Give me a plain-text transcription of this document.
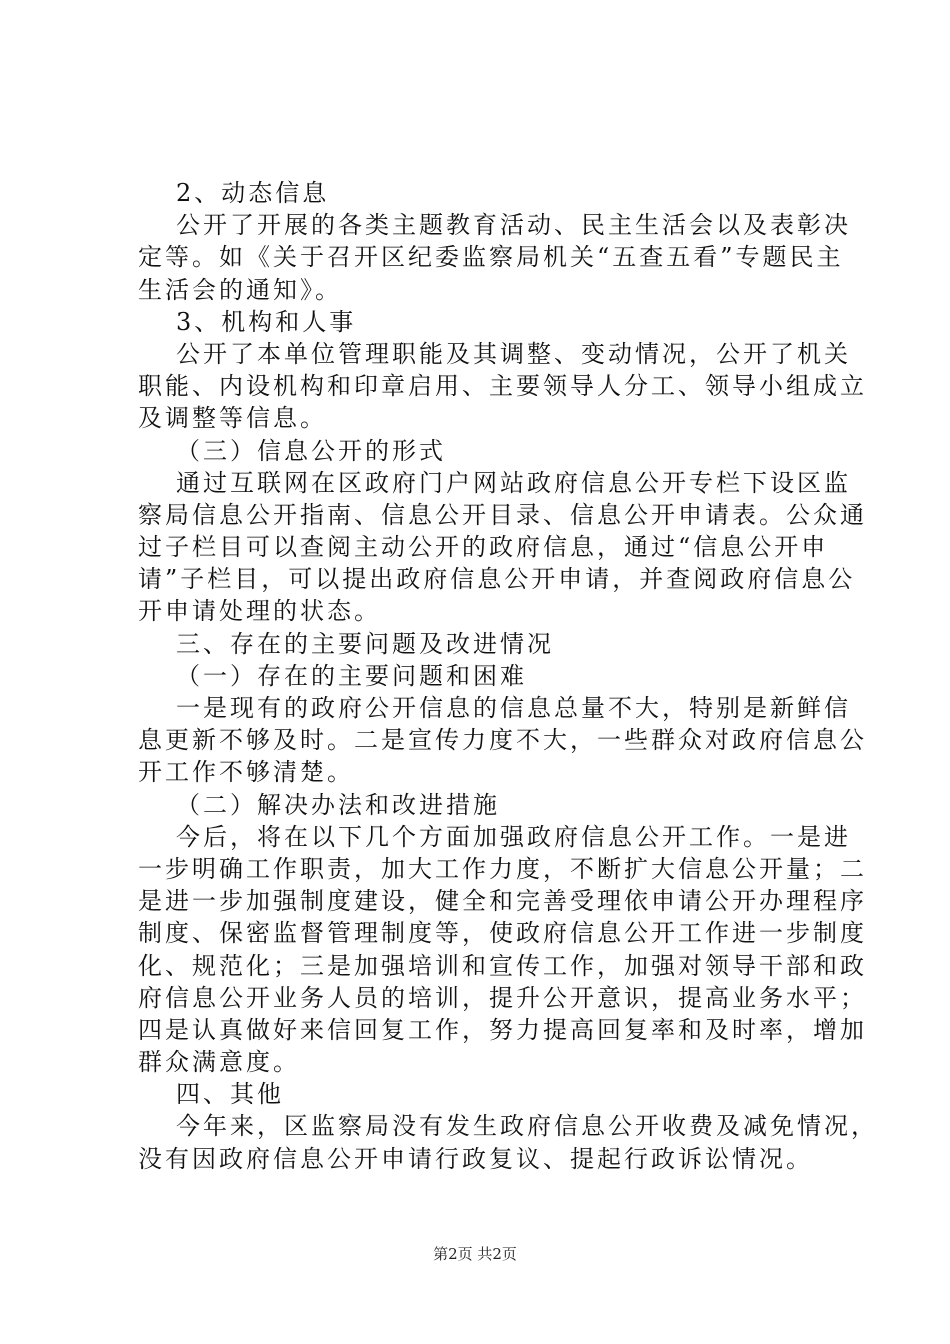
2、动态信息
公开了开展的各类主题教育活动、民主生活会以及表彰决
定等。如《关于召开区纪委监察局机关“五查五看”专题民主
生活会的通知》。
3、机构和人事
公开了本单位管理职能及其调整、变动情况，公开了机关
职能、内设机构和印章启用、主要领导人分工、领导小组成立
及调整等信息。
（三）信息公开的形式
通过互联网在区政府门户网站政府信息公开专栏下设区监
察局信息公开指南、信息公开目录、信息公开申请表。公众通
过子栏目可以查阅主动公开的政府信息，通过“信息公开申
请”子栏目，可以提出政府信息公开申请，并查阅政府信息公
开申请处理的状态。
三、存在的主要问题及改进情况
（一）存在的主要问题和困难
一是现有的政府公开信息的信息总量不大，特别是新鲜信
息更新不够及时。二是宣传力度不大，一些群众对政府信息公
开工作不够清楚。
（二）解决办法和改进措施
今后，将在以下几个方面加强政府信息公开工作。一是进
一步明确工作职责，加大工作力度，不断扩大信息公开量；二
是进一步加强制度建设，健全和完善受理依申请公开办理程序
制度、保密监督管理制度等，使政府信息公开工作进一步制度
化、规范化；三是加强培训和宣传工作，加强对领导干部和政
府信息公开业务人员的培训，提升公开意识，提高业务水平；
四是认真做好来信回复工作，努力提高回复率和及时率，增加
群众满意度。
四、其他
今年来，区监察局没有发生政府信息公开收费及减免情况，
没有因政府信息公开申请行政复议、提起行政诉讼情况。
第2页 共2页
